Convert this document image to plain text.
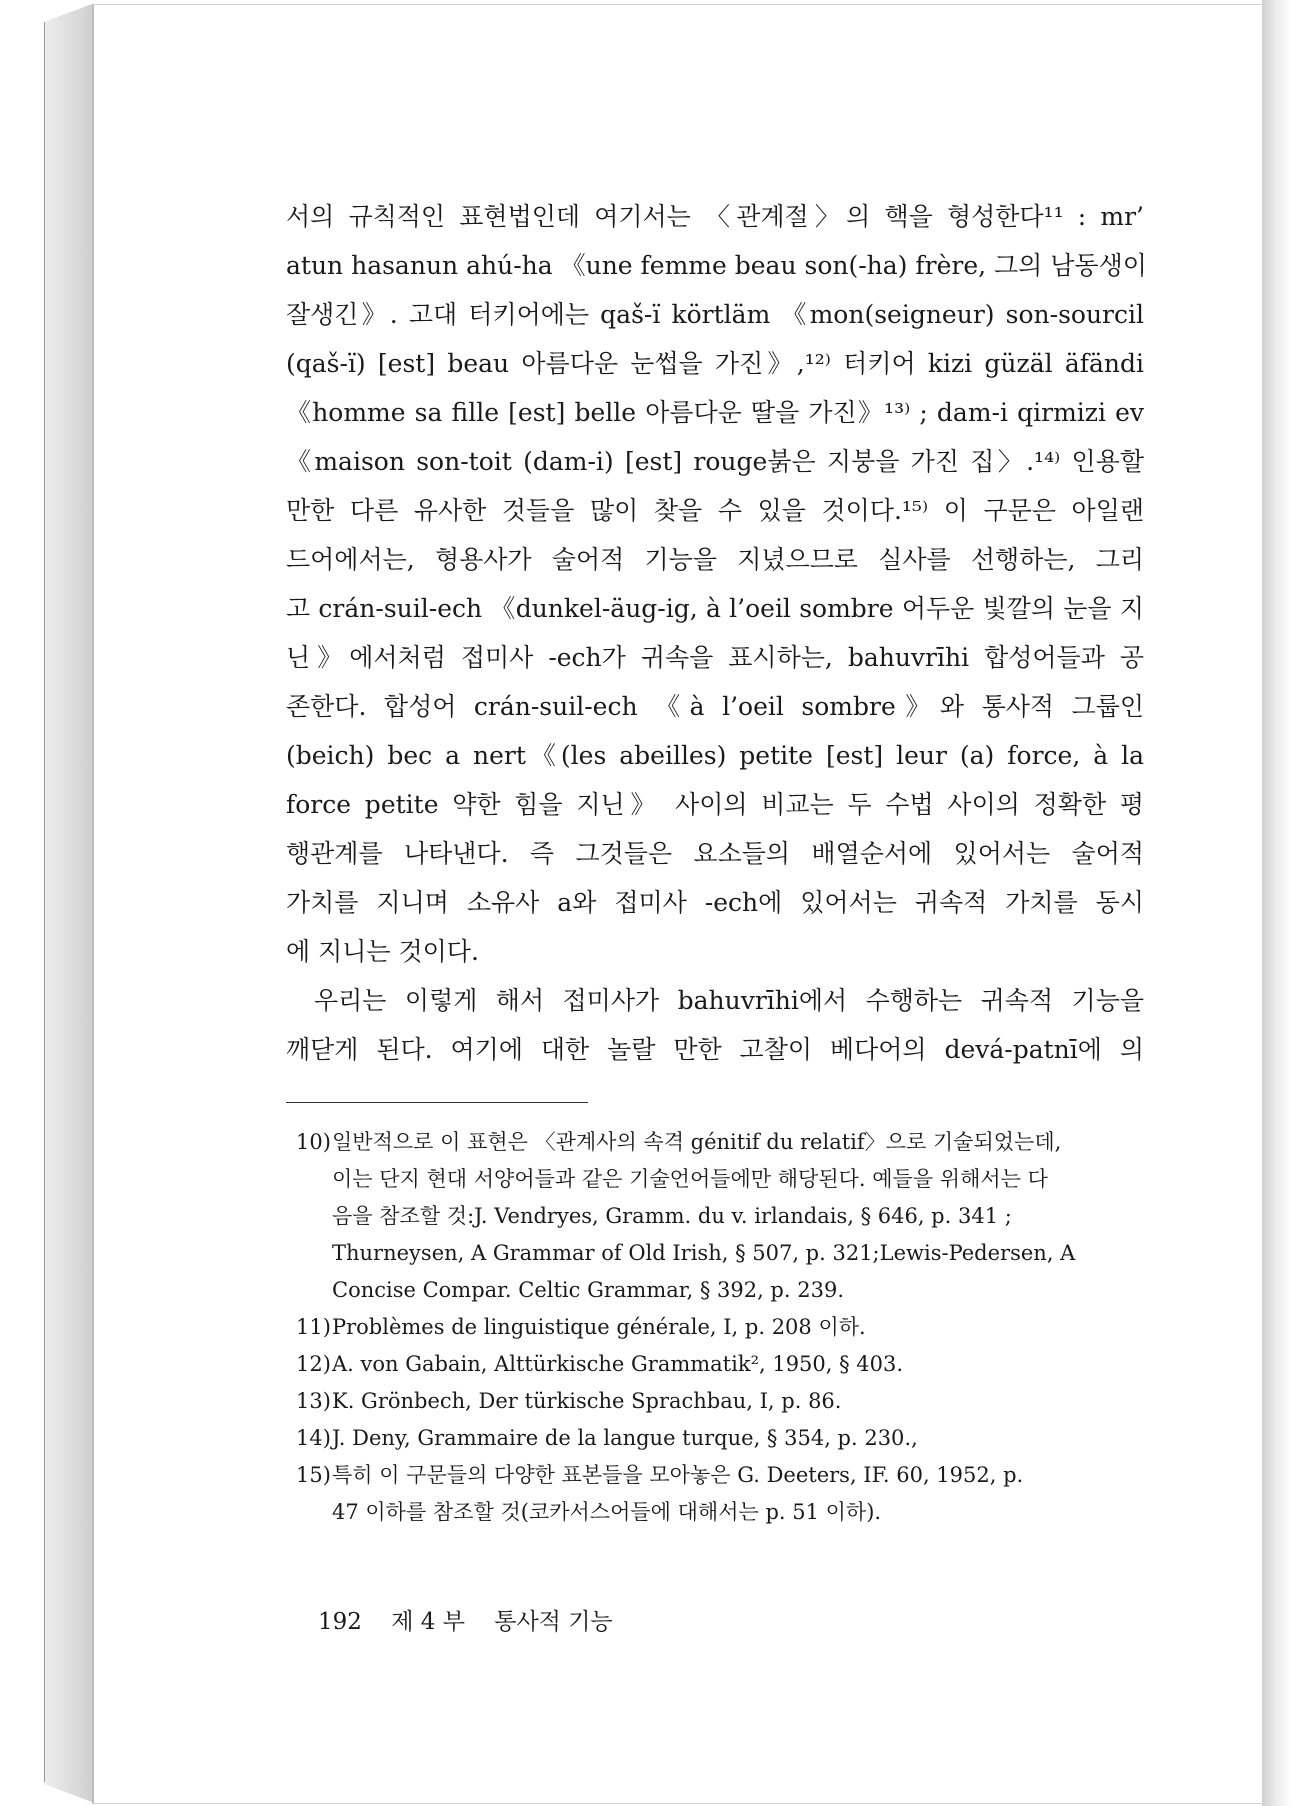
서의 규칙적인 표현법인데 여기서는 〈관계절〉의 핵을 형성한다¹¹ : mr’
atun hasanun ahú-ha 《une femme beau son(-ha) frère, 그의 남동생이
잘생긴》. 고대 터키어에는 qaš-ï körtläm 《mon(seigneur) son-sourcil
(qaš-ï) [est] beau 아름다운 눈썹을 가진》,¹²⁾ 터키어 kizi güzäl äfändi
《homme sa fille [est] belle 아름다운 딸을 가진》¹³⁾ ; dam-i qirmizi ev
《maison son-toit (dam-i) [est] rouge붉은 지붕을 가진 집〉.¹⁴⁾ 인용할
만한 다른 유사한 것들을 많이 찾을 수 있을 것이다.¹⁵⁾ 이 구문은 아일랜
드어에서는, 형용사가 술어적 기능을 지녔으므로 실사를 선행하는, 그리
고 crán-suil-ech 《dunkel-äug-ig, à l’oeil sombre 어두운 빛깔의 눈을 지
닌》에서처럼 접미사 -ech가 귀속을 표시하는, bahuvrīhi 합성어들과 공
존한다. 합성어 crán-suil-ech 《à l’oeil sombre》와 통사적 그룹인
(beich) bec a nert《(les abeilles) petite [est] leur (a) force, à la
force petite 약한 힘을 지닌》 사이의 비교는 두 수법 사이의 정확한 평
행관계를 나타낸다. 즉 그것들은 요소들의 배열순서에 있어서는 술어적
가치를 지니며 소유사 a와 접미사 -ech에 있어서는 귀속적 가치를 동시
에 지니는 것이다.
우리는 이렇게 해서 접미사가 bahuvrīhi에서 수행하는 귀속적 기능을
깨닫게 된다. 여기에 대한 놀랄 만한 고찰이 베다어의 devá-patnī에 의
10)일반적으로 이 표현은 〈관계사의 속격 génitif du relatif〉으로 기술되었는데,
이는 단지 현대 서양어들과 같은 기술언어들에만 해당된다. 예들을 위해서는 다
음을 참조할 것:J. Vendryes, Gramm. du v. irlandais, § 646, p. 341 ;
Thurneysen, A Grammar of Old Irish, § 507, p. 321;Lewis-Pedersen, A
Concise Compar. Celtic Grammar, § 392, p. 239.
11)Problèmes de linguistique générale, I, p. 208 이하.
12)A. von Gabain, Alttürkische Grammatik², 1950, § 403.
13)K. Grönbech, Der türkische Sprachbau, I, p. 86.
14)J. Deny, Grammaire de la langue turque, § 354, p. 230.,
15)특히 이 구문들의 다양한 표본들을 모아놓은 G. Deeters, IF. 60, 1952, p.
47 이하를 참조할 것(코카서스어들에 대해서는 p. 51 이하).
192 제 4 부 통사적 기능
